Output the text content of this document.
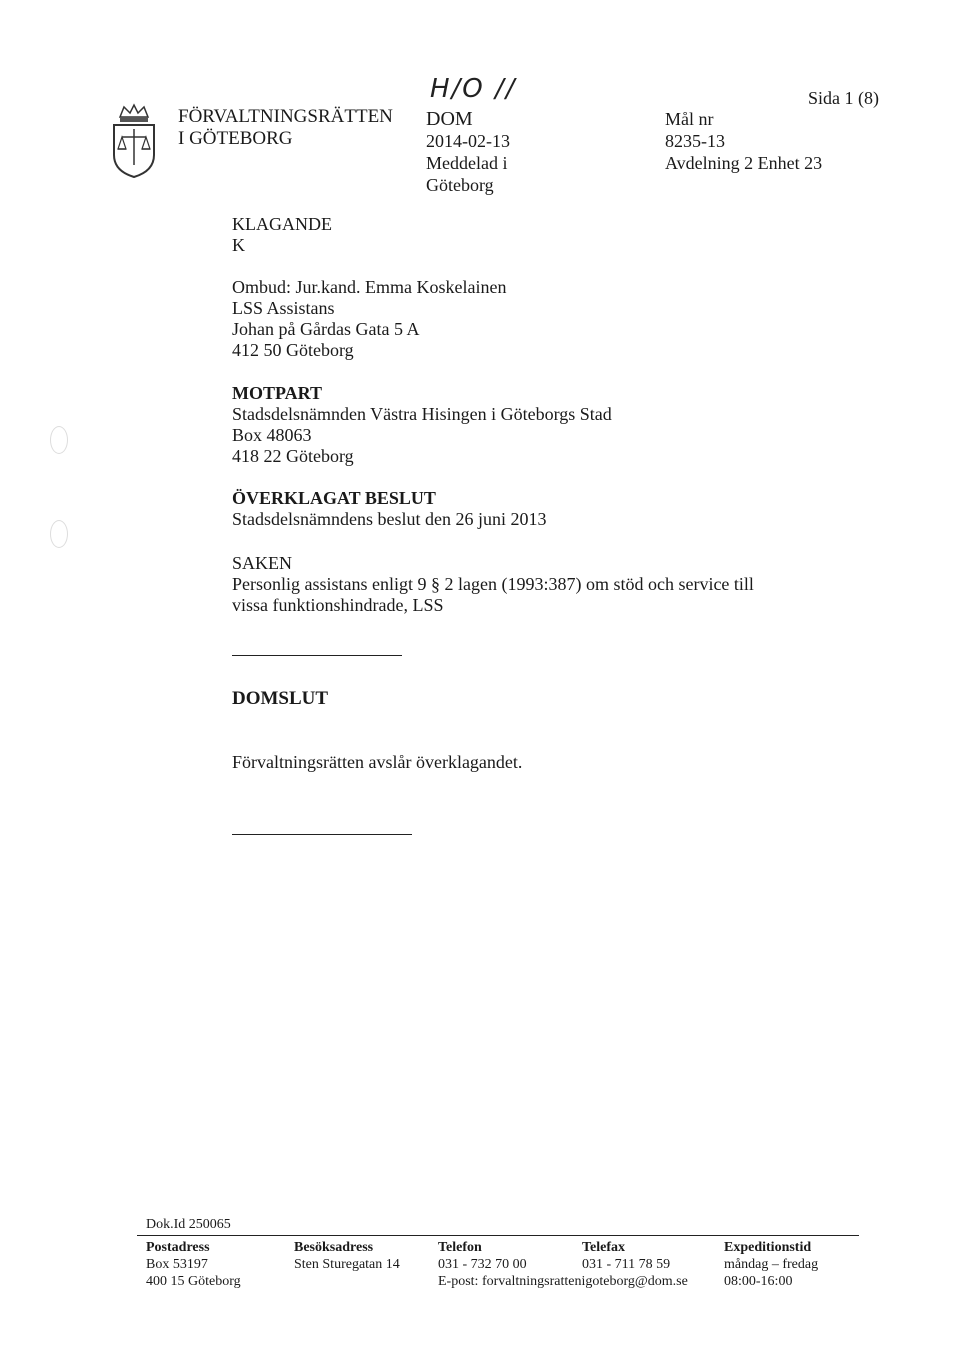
FÖRVALTNINGSRÄTTEN
I GÖTEBORG
H/O //
DOM
2014-02-13
Meddelad i
Göteborg
Mål nr
8235-13
Avdelning 2 Enhet 23
Sida 1 (8)
KLAGANDE
K
Ombud: Jur.kand. Emma Koskelainen
LSS Assistans
Johan på Gårdas Gata 5 A
412 50 Göteborg
MOTPART
Stadsdelsnämnden Västra Hisingen i Göteborgs Stad
Box 48063
418 22 Göteborg
ÖVERKLAGAT BESLUT
Stadsdelsnämndens beslut den 26 juni 2013
SAKEN
Personlig assistans enligt 9 § 2 lagen (1993:387) om stöd och service till
vissa funktionshindrade, LSS
DOMSLUT
Förvaltningsrätten avslår överklagandet.
Dok.Id 250065
Postadress
Box 53197
400 15 Göteborg
Besöksadress
Sten Sturegatan 14
Telefon
031 - 732 70 00
E-post: forvaltningsrattenigoteborg@dom.se
Telefax
031 - 711 78 59
Expeditionstid
måndag – fredag
08:00-16:00
